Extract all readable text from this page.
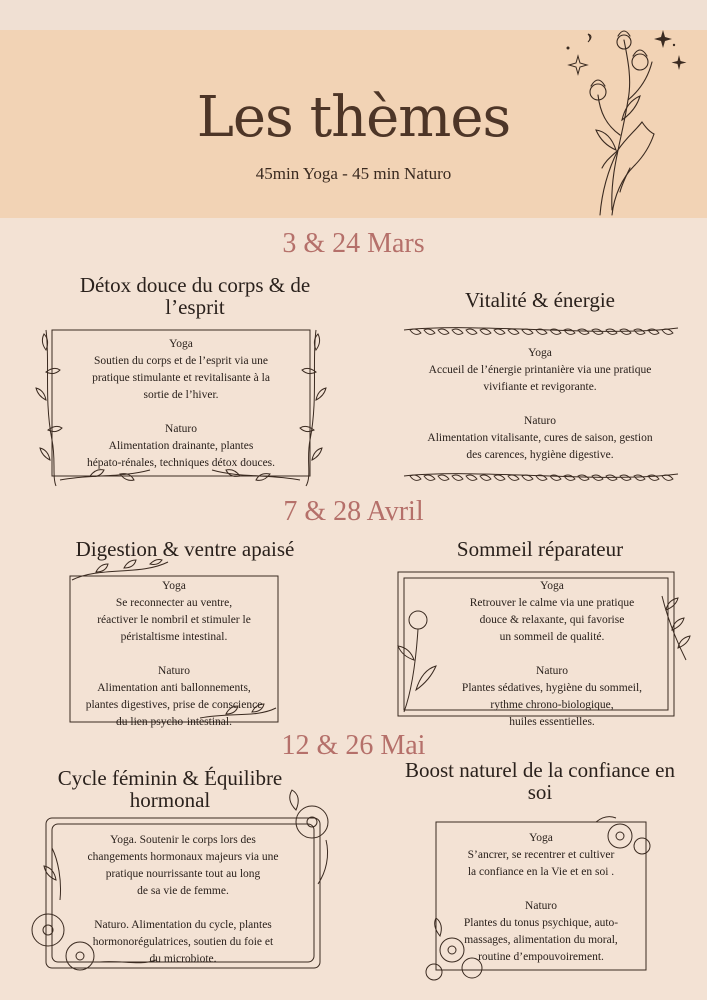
Les thèmes
45min Yoga - 45 min Naturo
3 & 24 Mars
Détox douce du corps & de l’esprit	Vitalité & énergie
Yoga
Soutien du corps et de l’esprit via une
pratique stimulante et revitalisante à la
sortie de l’hiver.
Naturo
Alimentation drainante, plantes
hépato-rénales, techniques détox douces.
Yoga
Accueil de l’énergie printanière via une pratique
vivifiante et revigorante.
Naturo
Alimentation vitalisante, cures de saison, gestion
des carences, hygiène digestive.
7 & 28 Avril
Digestion & ventre apaisé	Sommeil réparateur
Yoga
Se reconnecter au ventre,
réactiver le nombril et stimuler le
péristaltisme intestinal.
Naturo
Alimentation anti ballonnements,
plantes digestives, prise de conscience
du lien psycho-intestinal.
Yoga
Retrouver le calme via une pratique
douce & relaxante, qui favorise
un sommeil de qualité.
Naturo
Plantes sédatives, hygiène du sommeil,
rythme chrono-biologique,
huiles essentielles.
12 & 26 Mai
Cycle féminin & Équilibre hormonal
Boost naturel de la confiance en soi
Yoga. Soutenir le corps lors des
changements hormonaux majeurs via une
pratique nourrissante tout au long
de sa vie de femme.
Naturo. Alimentation du cycle, plantes
hormonorégulatrices, soutien du foie et
du microbiote.
Yoga
S’ancrer, se recentrer et cultiver
la confiance en la Vie et en soi .
Naturo
Plantes du tonus psychique, auto-
massages, alimentation du moral,
routine d’empouvoirement.
